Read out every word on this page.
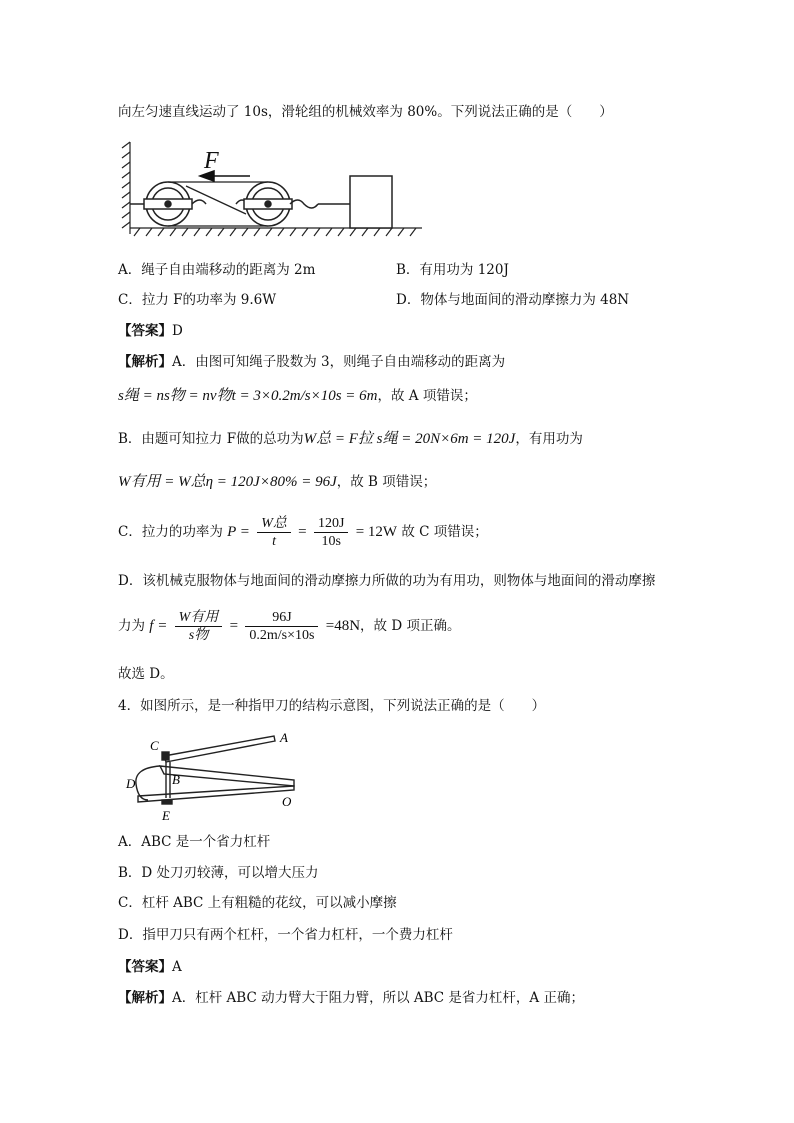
向左匀速直线运动了 10s，滑轮组的机械效率为 80%。下列说法正确的是（　　）
F
A．绳子自由端移动的距离为 2m	B．有用功为 120J
C．拉力 F的功率为 9.6W	D．物体与地面间的滑动摩擦力为 48N
【答案】D
【解析】A．由图可知绳子股数为 3，则绳子自由端移动的距离为
s绳 = ns物 = nv物t = 3×0.2m/s×10s = 6m，故 A 项错误；
B．由题可知拉力 F做的总功为W总 = F拉 s绳 = 20N×6m = 120J，有用功为
W有用 = W总η = 120J×80% = 96J，故 B 项错误；
C．拉力的功率为 $P = \frac{\text{W总}}{t} = \frac{120J}{10s} = 12W$ 故 C 项错误；
D．该机械克服物体与地面间的滑动摩擦力所做的功为有用功，则物体与地面间的滑动摩擦
力为 $f = \frac{\text{W有用}}{\text{s物}} = \frac{96J}{0.2m/s\times 10s} =48N$，故 D 项正确。
故选 D。
4．如图所示，是一种指甲刀的结构示意图，下列说法正确的是（　　）
C
A
B
D
O
E
A．ABC 是一个省力杠杆
B．D 处刀刃较薄，可以增大压力
C．杠杆 ABC 上有粗糙的花纹，可以减小摩擦
D．指甲刀只有两个杠杆，一个省力杠杆，一个费力杠杆
【答案】A
【解析】A．杠杆 ABC 动力臂大于阻力臂，所以 ABC 是省力杠杆，A 正确；
